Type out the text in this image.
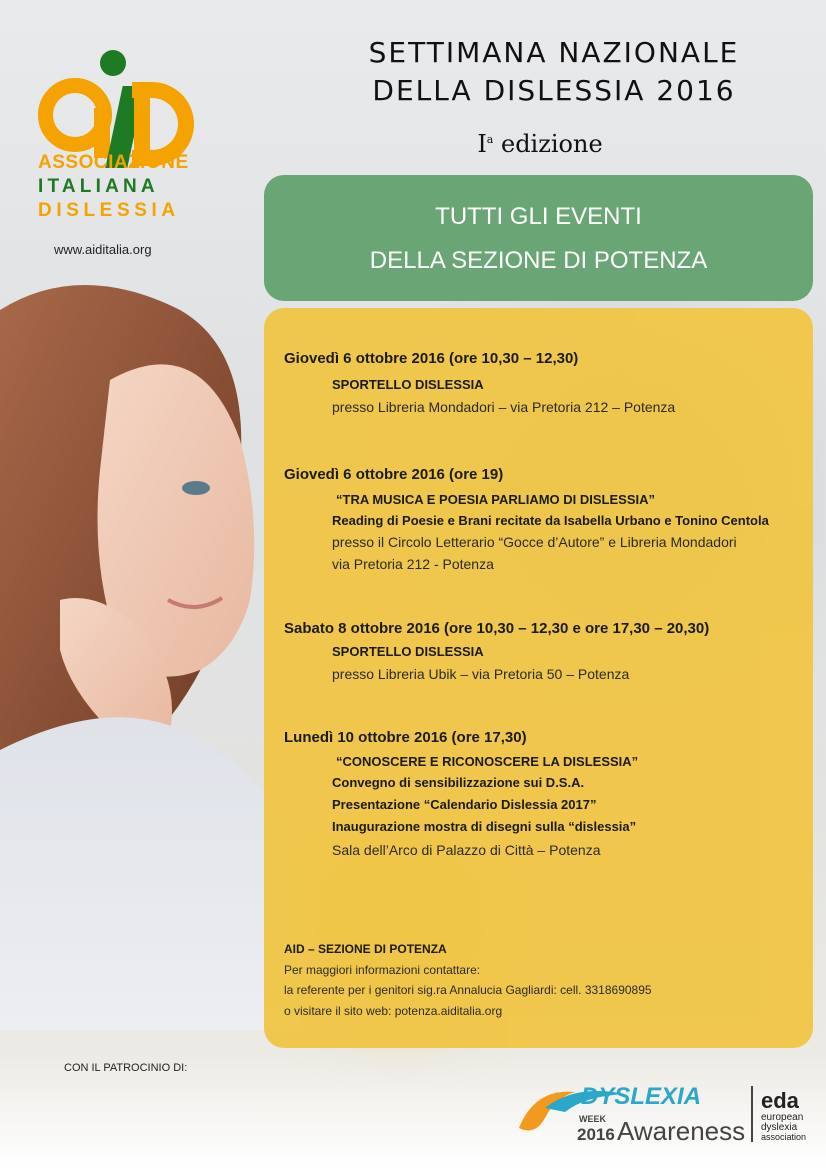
ASSOCIAZIONE
ITALIANA
DISLESSIA
www.aiditalia.org
SETTIMANA NAZIONALE
DELLA DISLESSIA 2016
$I^a$ edizione
TUTTI GLI EVENTI
DELLA SEZIONE DI POTENZA
Giovedì 6 ottobre 2016 (ore 10,30 – 12,30)
SPORTELLO DISLESSIA
presso Libreria Mondadori – via Pretoria 212 – Potenza
Giovedì 6 ottobre 2016 (ore 19)
“TRA MUSICA E POESIA PARLIAMO DI DISLESSIA”
Reading di Poesie e Brani recitate da Isabella Urbano e Tonino Centola
presso il Circolo Letterario “Gocce d’Autore” e Libreria Mondadori
via Pretoria 212 - Potenza
Sabato 8 ottobre 2016 (ore 10,30 – 12,30 e ore 17,30 – 20,30)
SPORTELLO DISLESSIA
presso Libreria Ubik – via Pretoria 50 – Potenza
Lunedì 10 ottobre 2016 (ore 17,30)
“CONOSCERE E RICONOSCERE LA DISLESSIA”
Convegno di sensibilizzazione sui D.S.A.
Presentazione “Calendario Dislessia 2017”
Inaugurazione mostra di disegni sulla “dislessia”
Sala dell’Arco di Palazzo di Città – Potenza
AID – SEZIONE DI POTENZA
Per maggiori informazioni contattare:
la referente per i genitori sig.ra Annalucia Gagliardi: cell. 3318690895
o visitare il sito web: potenza.aiditalia.org
CON IL PATROCINIO DI:
DYSLEXIA
WEEK
2016 Awareness
eda
european
dyslexia
association
